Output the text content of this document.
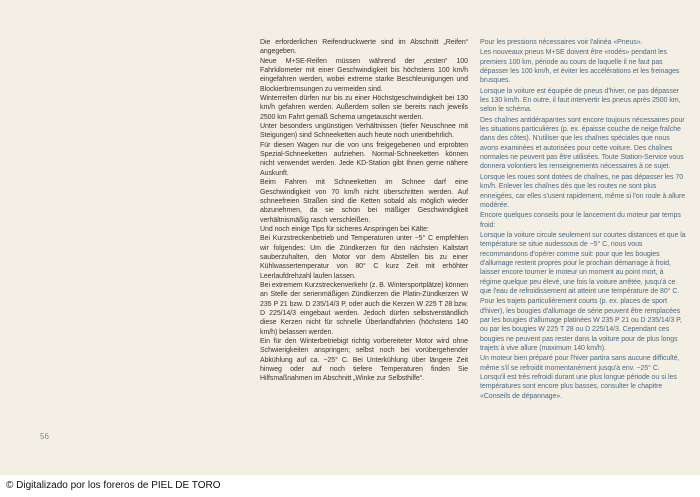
Die erforderlichen Reifendruckwerte sind im Abschnitt „Reifen“ angegeben.

Neue M+SE-Reifen müssen während der „ersten“ 100 Fahrkilometer mit einer Geschwindigkeit bis höchstens 100 km/h eingefahren werden, wobei extreme starke Beschleunigungen und Blockierbremsungen zu vermeiden sind.

Winterreifen dürfen nur bis zu einer Höchstgeschwindigkeit bei 130 km/h gefahren werden. Außerdem sollen sie bereits nach jeweils 2500 km Fahrt gemäß Schema umgetauscht werden.

Unter besonders ungünstigen Verhältnissen (tiefer Neuschnee mit Steigungen) sind Schneeketten auch heute noch unentbehrlich.

Für diesen Wagen nur die von uns freigegebenen und erprobten Spezial-Schneeketten aufziehen. Normal-Schneeketten können nicht verwendet werden. Jede KD-Station gibt Ihnen gerne nähere Auskunft.

Beim Fahren mit Schneeketten im Schnee darf eine Geschwindigkeit von 70 km/h nicht überschritten werden. Auf schneefreien Straßen sind die Ketten sobald als möglich wieder abzunehmen, da sie schon bei mäßiger Geschwindigkeit verhältnismäßig rasch verschleißen.

Und noch einige Tips für sicheres Anspringen bei Kälte:

Bei Kurzstreckenbetrieb und Temperaturen unter −5° C empfehlen wir folgendes: Um die Zündkerzen für den nächsten Kaltstart sauberzuhalten, den Motor vor dem Abstellen bis zu einer Kühlwassertemperatur von 80° C kurz Zeit mit erhöhter Leerlaufdrehzahl laufen lassen.

Bei extremem Kurzstreckenverkehr (z. B. Wintersportplätze) können an Stelle der serienmäßigen Zündkerzen die Platin-Zündkerzen W 235 P 21 bzw. D 235/14/3 P, oder auch die Kerzen W 225 T 28 bzw. D 225/14/3 eingebaut werden. Jedoch dürfen selbstverständlich diese Kerzen nicht für schnelle Überlandfahrten (höchstens 140 km/h) belassen werden.

Ein für den Winterbetriebigt richtig vorbereiteter Motor wird ohne Schwierigkeiten anspringen; selbst noch bei vorübergehender Abkühlung auf ca. −25° C. Bei Unterkühlung über längere Zeit hinweg oder auf noch tiefere Temperaturen finden Sie Hilfsmaßnahmen im Abschnitt „Winke zur Selbsthilfe“.

Pour les pressions nécessaires voir l'alinéa «Pneus».

Les nouveaux pneus M+SE doivent être «rodés» pendant les premiers 100 km, période au cours de laquelle il ne faut pas dépasser les 100 km/h, et éviter les accélérations et les freinages brusques.

Lorsque la voiture est équipée de pneus d'hiver, ne pas dépasser les 130 km/h. En outre, il faut intervertir les pneus après 2500 km, selon le schéma.

Des chaînes antidérapantes sont encore toujours nécessaires pour les situations particulières (p. ex. épaisse couche de neige fraîche dans des côtes). N'utiliser que les chaînes spéciales que nous avons examinées et autorisées pour cette voiture. Des chaînes normales ne peuvent pas être utilisées. Toute Station-Service vous donnera volontiers les renseignements nécessaires à ce sujet.

Lorsque les roues sont dotées de chaînes, ne pas dépasser les 70 km/h. Enlever les chaînes dès que les routes ne sont plus enneigées, car elles s'usent rapidement, même si l'on roule à allure modérée.

Encore quelques conseils pour le lancement du moteur par temps froid:

Lorsque la voiture circule seulement sur courtes distances et que la température se situe audessous de −5° C, nous vous recommandons d'opérer comme suit: pour que les bougies d'allumage restent propres pour le prochain démarrage à froid, laisser encore tourner le moteur un moment au point mort, à régime quelque peu élevé, une fois la voiture arrêtée, jusqu'à ce que l'eau de refroidissement ait atteint une température de 80° C.

Pour les trajets particulièrement courts (p. ex. places de sport d'hiver), les bougies d'allumage de série peuvent être remplacées par les bougies d'allumage platinées W 235 P 21 ou D 235/14/3 P, ou par les bougies W 225 T 28 ou D 225/14/3. Cependant ces bougies ne peuvent pas rester dans la voiture pour de plus longs trajets à vive allure (maximum 140 km/h).

Un moteur bien préparé pour l'hiver partira sans aucune difficulté, même s'il se refroidit momentanément jusqu'à env. −25° C. Lorsqu'il est très refroidi durant une plus longue période ou si les températures sont encore plus basses, consulter le chapitre «Conseils de dépannage».

56
© Digitalizado por los foreros de PIEL DE TORO
